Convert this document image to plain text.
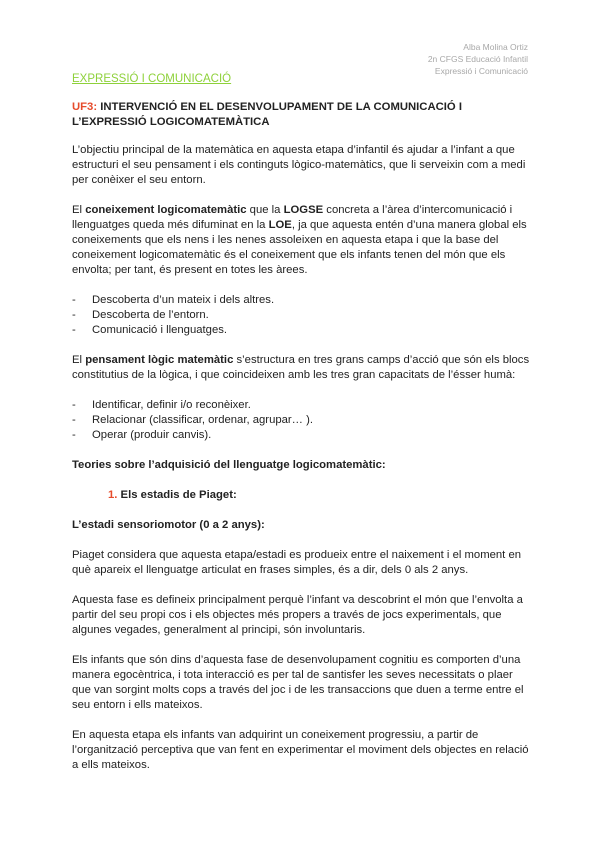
Alba Molina Ortiz
2n CFGS Educació Infantil
Expressió i Comunicació
EXPRESSIÓ I COMUNICACIÓ
UF3: INTERVENCIÓ EN EL DESENVOLUPAMENT DE LA COMUNICACIÓ I L’EXPRESSIÓ LOGICOMATEMÀTICA

L’objectiu principal de la matemàtica en aquesta etapa d’infantil és ajudar a l’infant a que estructuri el seu pensament i els continguts lògico-matemàtics, que li serveixin com a medi per conèixer el seu entorn.

El coneixement logicomatemàtic que la LOGSE concreta a l’àrea d’intercomunicació i llenguatges queda més difuminat en la LOE, ja que aquesta entén d’una manera global els coneixements que els nens i les nenes assoleixen en aquesta etapa i que la base del coneixement logicomatemàtic és el coneixement que els infants tenen del món que els envolta; per tant, és present en totes les àrees.

- Descoberta d’un mateix i dels altres.
- Descoberta de l’entorn.
- Comunicació i llenguatges.

El pensament lògic matemàtic s’estructura en tres grans camps d’acció que són els blocs constitutius de la lògica, i que coincideixen amb les tres gran capacitats de l’ésser humà:

- Identificar, definir i/o reconèixer.
- Relacionar (classificar, ordenar, agrupar… ).
- Operar (produir canvis).
Teories sobre l’adquisició del llenguatge logicomatemàtic:
1. Els estadis de Piaget:
L’estadi sensoriomotor (0 a 2 anys):

Piaget considera que aquesta etapa/estadi es produeix entre el naixement i el moment en què apareix el llenguatge articulat en frases simples, és a dir, dels 0 als 2 anys.

Aquesta fase es defineix principalment perquè l’infant va descobrint el món que l’envolta a partir del seu propi cos i els objectes més propers a través de jocs experimentals, que algunes vegades, generalment al principi, són involuntaris.

Els infants que són dins d’aquesta fase de desenvolupament cognitiu es comporten d’una manera egocèntrica, i tota interacció es per tal de santisfer les seves necessitats o plaer que van sorgint molts cops a través del joc i de les transaccions que duen a terme entre el seu entorn i ells mateixos.

En aquesta etapa els infants van adquirint un coneixement progressiu, a partir de l’organització perceptiva que van fent en experimentar el moviment dels objectes en relació a ells mateixos.
